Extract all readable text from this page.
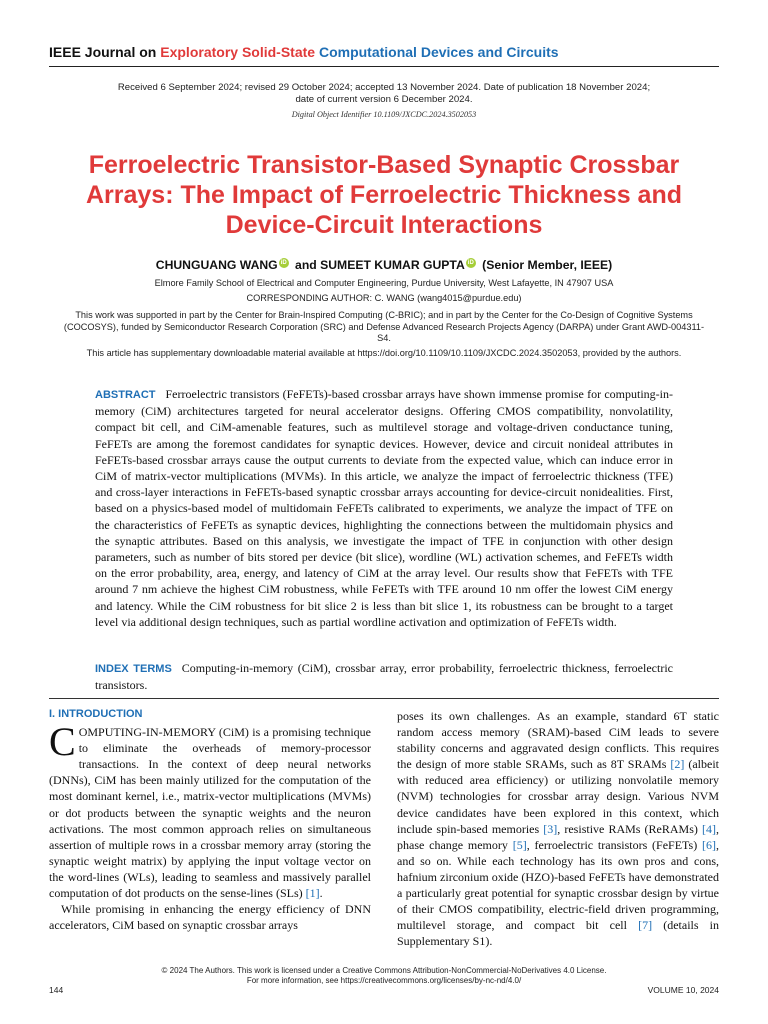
IEEE Journal on Exploratory Solid-State Computational Devices and Circuits
Received 6 September 2024; revised 29 October 2024; accepted 13 November 2024. Date of publication 18 November 2024;
date of current version 6 December 2024.
Digital Object Identifier 10.1109/JXCDC.2024.3502053
Ferroelectric Transistor-Based Synaptic Crossbar Arrays: The Impact of Ferroelectric Thickness and Device-Circuit Interactions
CHUNGUANG WANG iD and SUMEET KUMAR GUPTA iD (Senior Member, IEEE)
Elmore Family School of Electrical and Computer Engineering, Purdue University, West Lafayette, IN 47907 USA
CORRESPONDING AUTHOR: C. WANG (wang4015@purdue.edu)
This work was supported in part by the Center for Brain-Inspired Computing (C-BRIC); and in part by the Center for the Co-Design of Cognitive Systems (COCOSYS), funded by Semiconductor Research Corporation (SRC) and Defense Advanced Research Projects Agency (DARPA) under Grant AWD-004311-S4.
This article has supplementary downloadable material available at https://doi.org/10.1109/10.1109/JXCDC.2024.3502053, provided by the authors.
ABSTRACT Ferroelectric transistors (FeFETs)-based crossbar arrays have shown immense promise for computing-in-memory (CiM) architectures targeted for neural accelerator designs. Offering CMOS compatibility, nonvolatility, compact bit cell, and CiM-amenable features, such as multilevel storage and voltage-driven conductance tuning, FeFETs are among the foremost candidates for synaptic devices. However, device and circuit nonideal attributes in FeFETs-based crossbar arrays cause the output currents to deviate from the expected value, which can induce error in CiM of matrix-vector multiplications (MVMs). In this article, we analyze the impact of ferroelectric thickness (TFE) and cross-layer interactions in FeFETs-based synaptic crossbar arrays accounting for device-circuit nonidealities. First, based on a physics-based model of multidomain FeFETs calibrated to experiments, we analyze the impact of TFE on the characteristics of FeFETs as synaptic devices, highlighting the connections between the multidomain physics and the synaptic attributes. Based on this analysis, we investigate the impact of TFE in conjunction with other design parameters, such as number of bits stored per device (bit slice), wordline (WL) activation schemes, and FeFETs width on the error probability, area, energy, and latency of CiM at the array level. Our results show that FeFETs with TFE around 7 nm achieve the highest CiM robustness, while FeFETs with TFE around 10 nm offer the lowest CiM energy and latency. While the CiM robustness for bit slice 2 is less than bit slice 1, its robustness can be brought to a target level via additional design techniques, such as partial wordline activation and optimization of FeFETs width.
INDEX TERMS Computing-in-memory (CiM), crossbar array, error probability, ferroelectric thickness, ferroelectric transistors.
I. INTRODUCTION

COMPUTING-IN-MEMORY (CiM) is a promising technique to eliminate the overheads of memory-processor transactions. In the context of deep neural networks (DNNs), CiM has been mainly utilized for the computation of the most dominant kernel, i.e., matrix-vector multiplications (MVMs) or dot products between the synaptic weights and the neuron activations. The most common approach relies on simultaneous assertion of multiple rows in a crossbar memory array (storing the synaptic weight matrix) by applying the input voltage vector on the word-lines (WLs), leading to seamless and massively parallel computation of dot products on the sense-lines (SLs) [1].

While promising in enhancing the energy efficiency of DNN accelerators, CiM based on synaptic crossbar arrays

poses its own challenges. As an example, standard 6T static random access memory (SRAM)-based CiM leads to severe stability concerns and aggravated design conflicts. This requires the design of more stable SRAMs, such as 8T SRAMs [2] (albeit with reduced area efficiency) or utilizing nonvolatile memory (NVM) technologies for crossbar array design. Various NVM device candidates have been explored in this context, which include spin-based memories [3], resistive RAMs (ReRAMs) [4], phase change memory [5], ferroelectric transistors (FeFETs) [6], and so on. While each technology has its own pros and cons, hafnium zirconium oxide (HZO)-based FeFETs have demonstrated a particularly great potential for synaptic crossbar design by virtue of their CMOS compatibility, electric-field driven programming, multilevel storage, and compact bit cell [7] (details in Supplementary S1).

© 2024 The Authors. This work is licensed under a Creative Commons Attribution-NonCommercial-NoDerivatives 4.0 License.
For more information, see https://creativecommons.org/licenses/by-nc-nd/4.0/
144	VOLUME 10, 2024
